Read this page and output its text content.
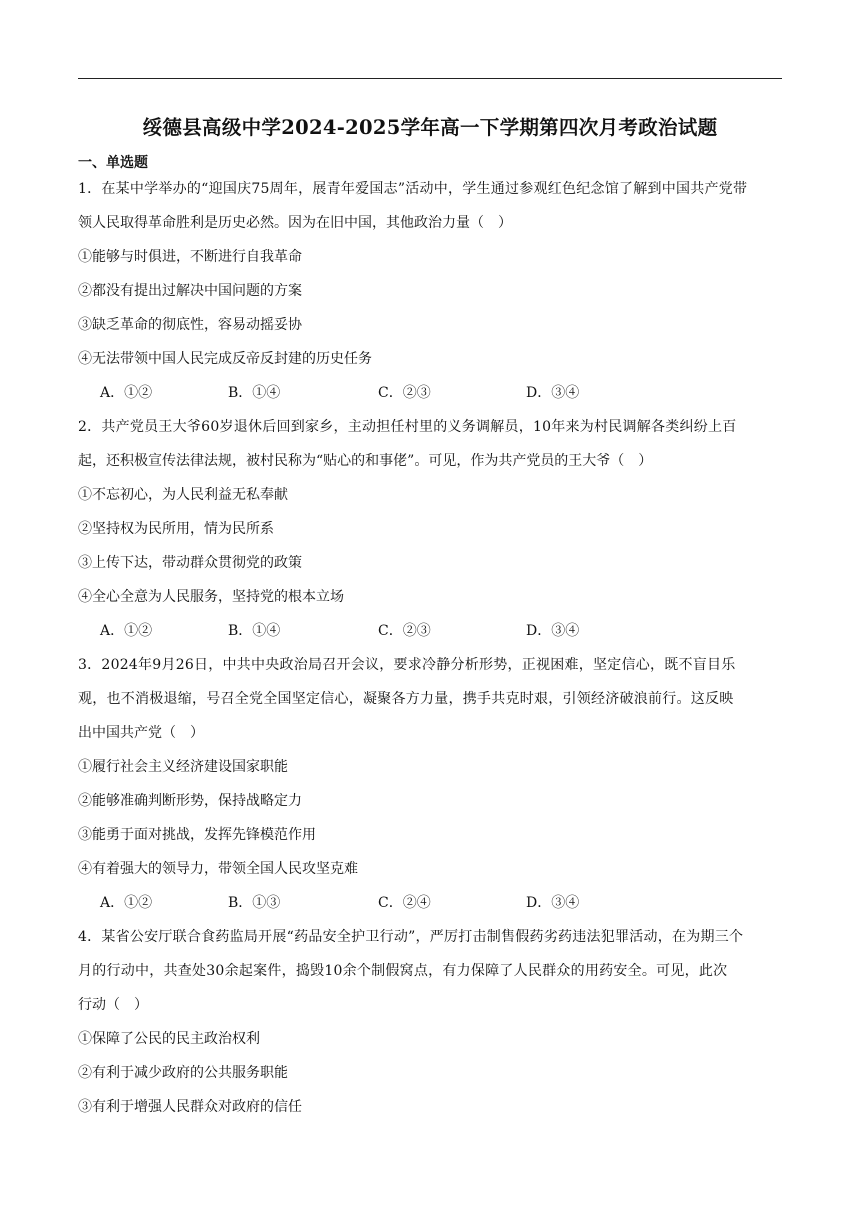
绥德县高级中学2024-2025学年高一下学期第四次月考政治试题
一、单选题
1．在某中学举办的“迎国庆75周年，展青年爱国志”活动中，学生通过参观红色纪念馆了解到中国共产党带
领人民取得革命胜利是历史必然。因为在旧中国，其他政治力量（　）
①能够与时俱进，不断进行自我革命
②都没有提出过解决中国问题的方案
③缺乏革命的彻底性，容易动摇妥协
④无法带领中国人民完成反帝反封建的历史任务
A．①②	B．①④	C．②③	D．③④
2．共产党员王大爷60岁退休后回到家乡，主动担任村里的义务调解员，10年来为村民调解各类纠纷上百
起，还积极宣传法律法规，被村民称为“贴心的和事佬”。可见，作为共产党员的王大爷（　）
①不忘初心，为人民利益无私奉献
②坚持权为民所用，情为民所系
③上传下达，带动群众贯彻党的政策
④全心全意为人民服务，坚持党的根本立场
A．①②	B．①④	C．②③	D．③④
3．2024年9月26日，中共中央政治局召开会议，要求冷静分析形势，正视困难，坚定信心，既不盲目乐
观，也不消极退缩，号召全党全国坚定信心，凝聚各方力量，携手共克时艰，引领经济破浪前行。这反映
出中国共产党（　）
①履行社会主义经济建设国家职能
②能够准确判断形势，保持战略定力
③能勇于面对挑战，发挥先锋模范作用
④有着强大的领导力，带领全国人民攻坚克难
A．①②	B．①③	C．②④	D．③④
4．某省公安厅联合食药监局开展“药品安全护卫行动”，严厉打击制售假药劣药违法犯罪活动，在为期三个
月的行动中，共查处30余起案件，捣毁10余个制假窝点，有力保障了人民群众的用药安全。可见，此次
行动（　）
①保障了公民的民主政治权利
②有利于减少政府的公共服务职能
③有利于增强人民群众对政府的信任
